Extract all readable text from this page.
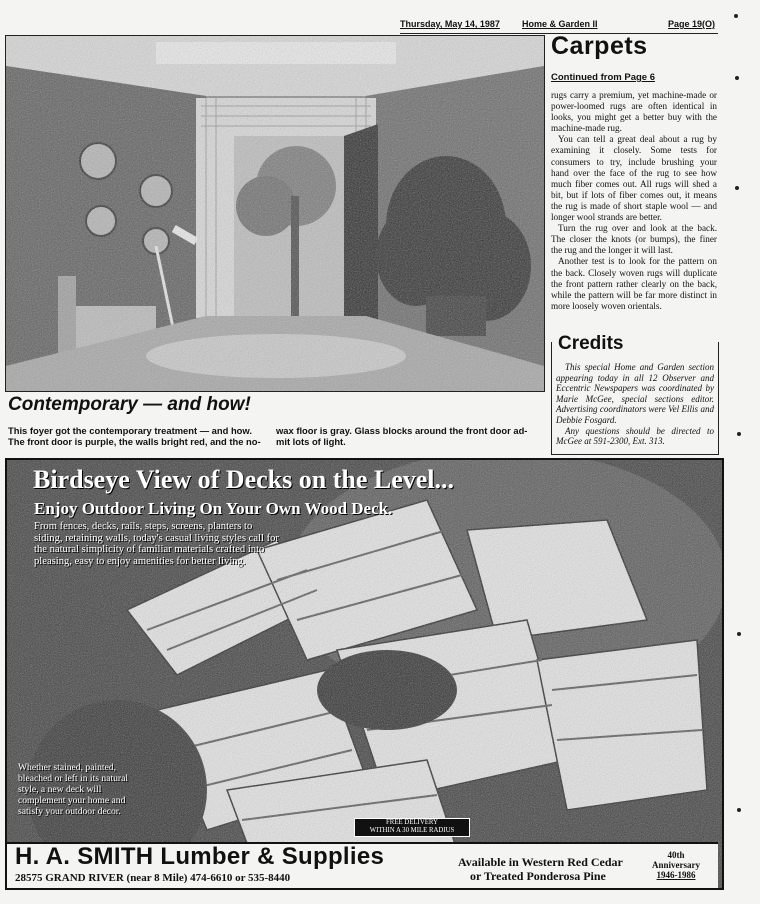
Thursday, May 14, 1987 Home & Garden II	Page 19(O)
Contemporary — and how!
This foyer got the contemporary treatment — and how.
The front door is purple, the walls bright red, and the no-
wax floor is gray. Glass blocks around the front door ad-
mit lots of light.
Carpets
Continued from Page 6

rugs carry a premium, yet machine-made or power-loomed rugs are often identical in looks, you might get a better buy with the machine-made rug.

You can tell a great deal about a rug by examining it closely. Some tests for consumers to try, include brushing your hand over the face of the rug to see how much fiber comes out. All rugs will shed a bit, but if lots of fiber comes out, it means the rug is made of short staple wool — and longer wool strands are better.

Turn the rug over and look at the back. The closer the knots (or bumps), the finer the rug and the longer it will last.

Another test is to look for the pattern on the back. Closely woven rugs will duplicate the front pattern rather clearly on the back, while the pattern will be far more distinct in more loosely woven orientals.

Credits

This special Home and Garden section appearing today in all 12 Observer and Eccentric Newspapers was coordinated by Marie McGee, special sections editor. Advertising coordinators were Vel Ellis and Debbie Fosgard.

Any questions should be directed to McGee at 591-2300, Ext. 313.

Birdseye View of Decks on the Level...
Enjoy Outdoor Living On Your Own Wood Deck.
From fences, decks, rails, steps, screens, planters to siding, retaining walls, today's casual living styles call for the natural simplicity of familiar materials crafted into pleasing, easy to enjoy amenities for better living.
Whether stained, painted, bleached or left in its natural style, a new deck will complement your home and satisfy your outdoor decor.
FREE DELIVERY
WITHIN A 30 MILE RADIUS
H. A. SMITH Lumber & Supplies
28575 GRAND RIVER (near 8 Mile) 474-6610 or 535-8440
Available in Western Red Cedar
or Treated Ponderosa Pine
40th
Anniversary
1946-1986
